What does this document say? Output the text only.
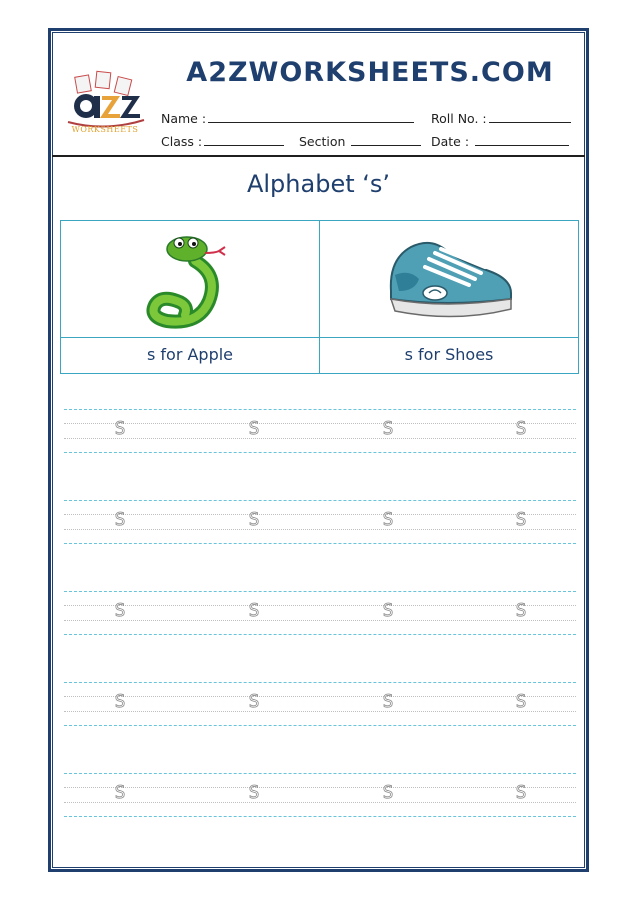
WORKSHEETS
A2ZWORKSHEETS.COM
Name :	Roll No. :
Class :	Section	Date :
Alphabet ‘s’
s for Apple	s for Shoes
S	S	S	S
S	S	S	S
S	S	S	S
S	S	S	S
S	S	S	S
